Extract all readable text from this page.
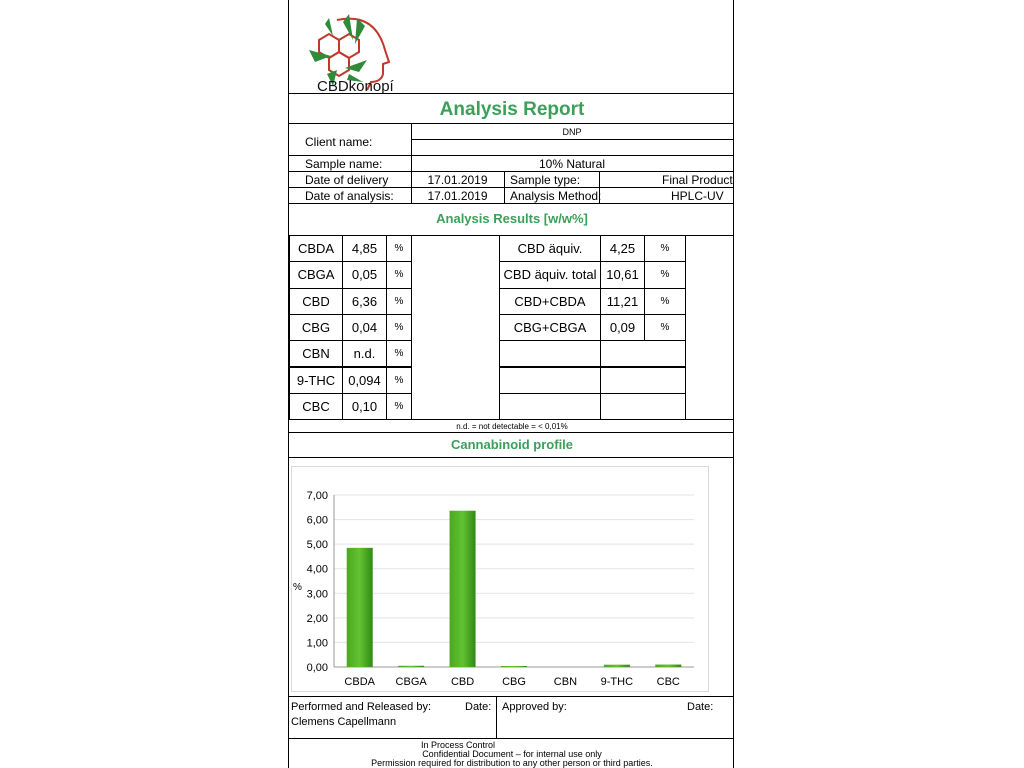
CBDkonopí
Analysis Report
Client name:
DNP
Sample name:	10% Natural
Date of delivery	17.01.2019	Sample type:	Final Product
Date of analysis:	17.01.2019	Analysis Method:	HPLC-UV
Analysis Results [w/w%]
CBDA	4,85	%
CBGA	0,05	%
CBD	6,36	%
CBG	0,04	%
CBN	n.d.	%
9-THC	0,094	%
CBC	0,10	%
CBD äquiv.	4,25	%
CBD äquiv. total 10,61	%
CBD+CBDA	11,21	%
CBG+CBGA	0,09	%
n.d. = not detectable = < 0,01%
Cannabinoid profile
0,00
1,00
2,00
3,00
4,00
5,00
6,00
7,00
%
CBDA CBGA CBD	CBG	CBN 9-THC CBC
Performed and Released by:	Date:
Clemens Capellmann
Approved by:	Date:
In Process Control
Confidential Document – for internal use only
Permission required for distribution to any other person or third parties.
